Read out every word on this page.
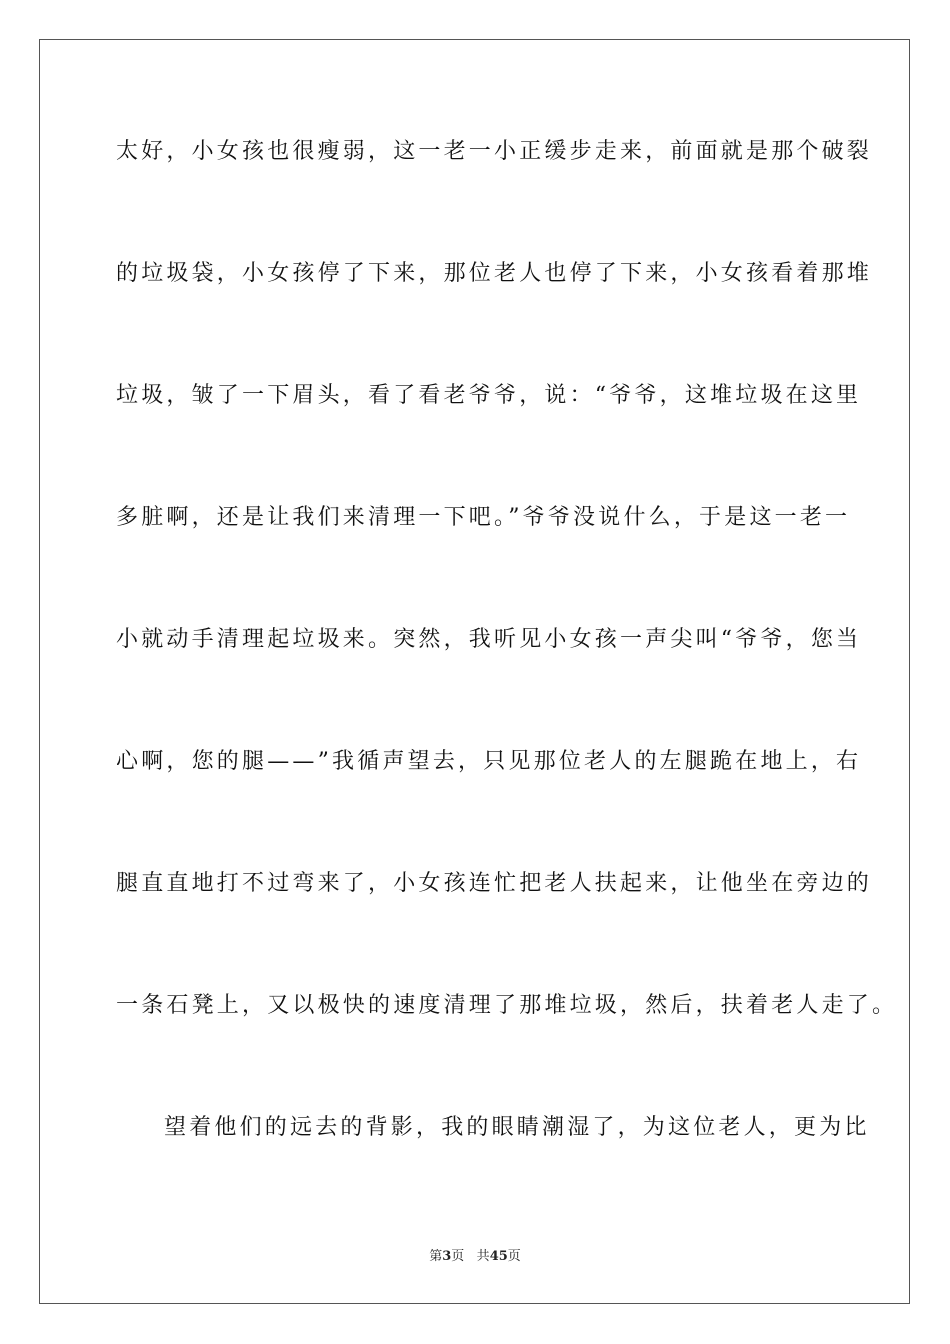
太好，小女孩也很瘦弱，这一老一小正缓步走来，前面就是那个破裂
的垃圾袋，小女孩停了下来，那位老人也停了下来，小女孩看着那堆
垃圾，皱了一下眉头，看了看老爷爷，说：“爷爷，这堆垃圾在这里
多脏啊，还是让我们来清理一下吧。”爷爷没说什么，于是这一老一
小就动手清理起垃圾来。突然，我听见小女孩一声尖叫“爷爷，您当
心啊，您的腿——”我循声望去，只见那位老人的左腿跪在地上，右
腿直直地打不过弯来了，小女孩连忙把老人扶起来，让他坐在旁边的
一条石凳上，又以极快的速度清理了那堆垃圾，然后，扶着老人走了。
望着他们的远去的背影，我的眼睛潮湿了，为这位老人，更为比
第3页 共45页
